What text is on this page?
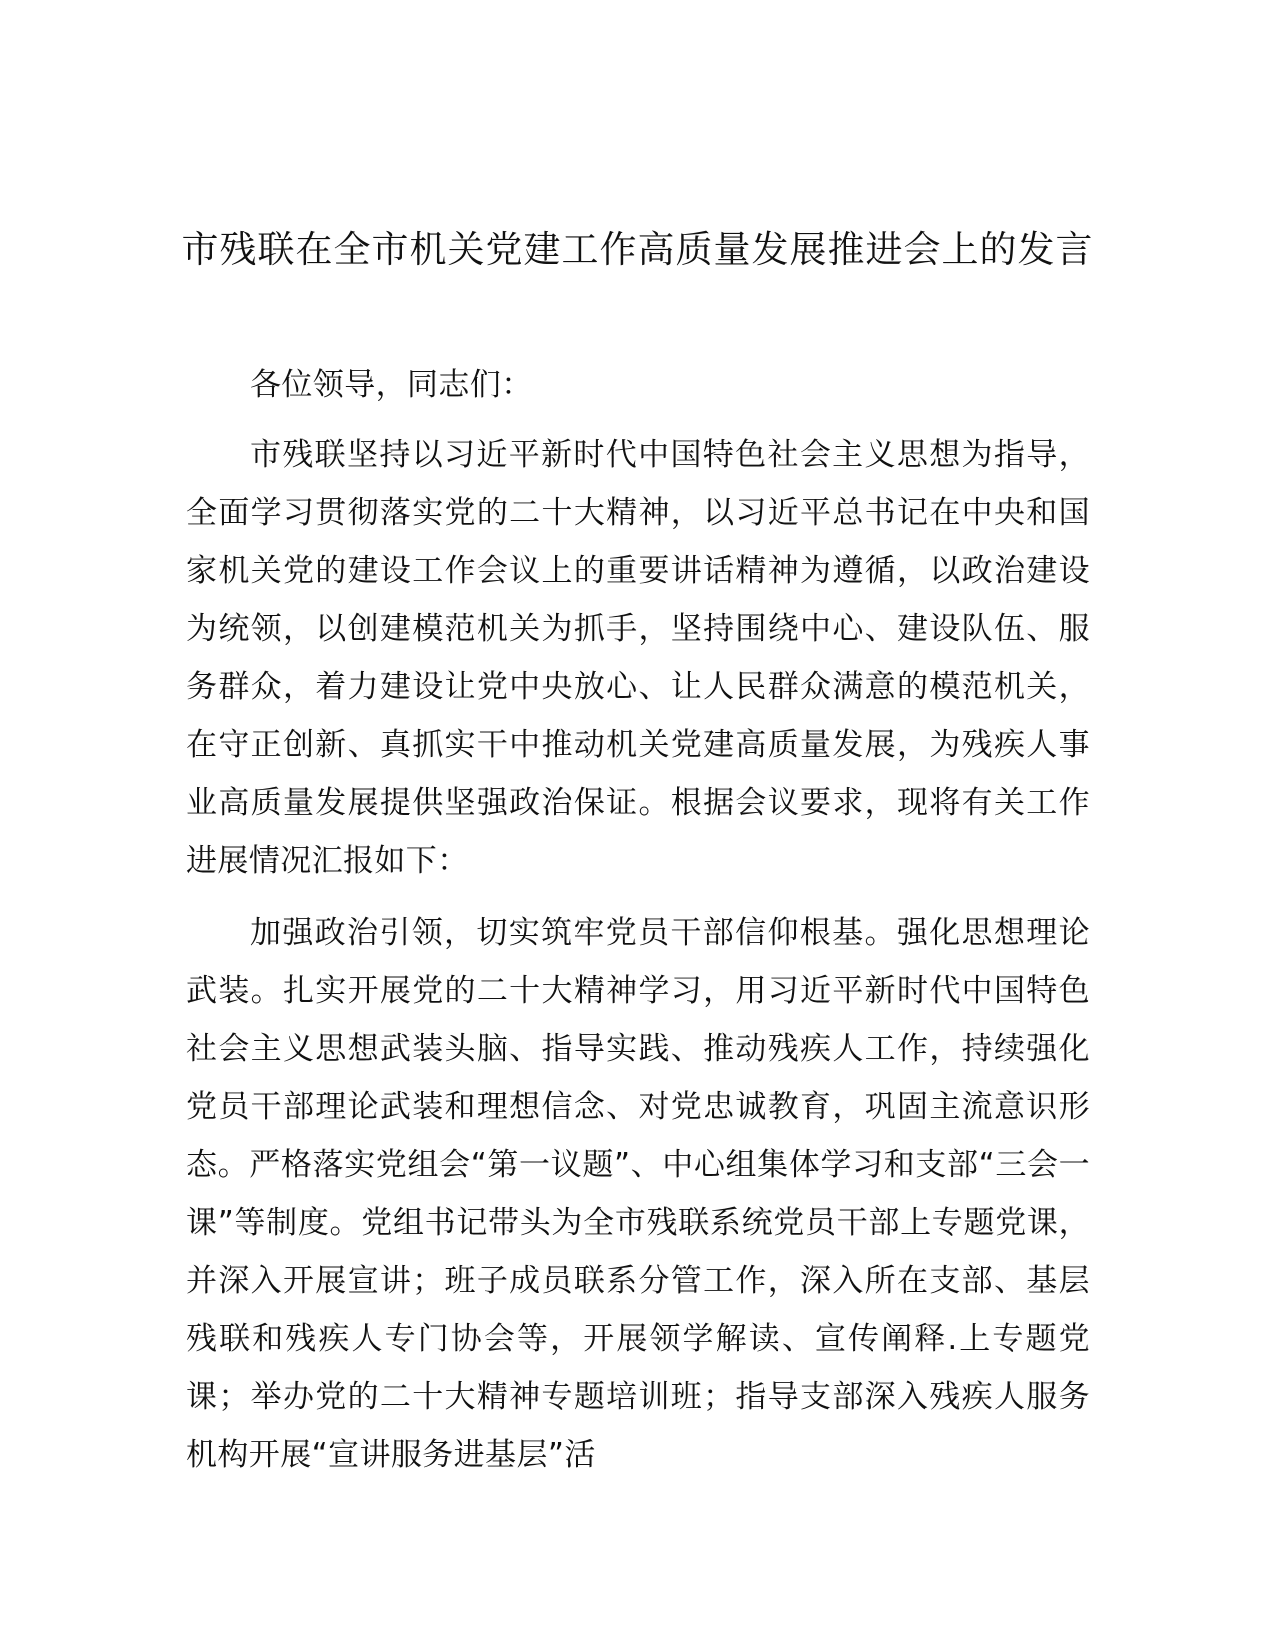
市残联在全市机关党建工作高质量发展推进会上的发言

各位领导，同志们：

市残联坚持以习近平新时代中国特色社会主义思想为指导，全面学习贯彻落实党的二十大精神，以习近平总书记在中央和国家机关党的建设工作会议上的重要讲话精神为遵循，以政治建设为统领，以创建模范机关为抓手，坚持围绕中心、建设队伍、服务群众，着力建设让党中央放心、让人民群众满意的模范机关，在守正创新、真抓实干中推动机关党建高质量发展，为残疾人事业高质量发展提供坚强政治保证。根据会议要求，现将有关工作进展情况汇报如下：

加强政治引领，切实筑牢党员干部信仰根基。强化思想理论武装。扎实开展党的二十大精神学习，用习近平新时代中国特色社会主义思想武装头脑、指导实践、推动残疾人工作，持续强化党员干部理论武装和理想信念、对党忠诚教育，巩固主流意识形态。严格落实党组会“第一议题”、中心组集体学习和支部“三会一课”等制度。党组书记带头为全市残联系统党员干部上专题党课，并深入开展宣讲；班子成员联系分管工作，深入所在支部、基层残联和残疾人专门协会等，开展领学解读、宣传阐释.上专题党课；举办党的二十大精神专题培训班；指导支部深入残疾人服务机构开展“宣讲服务进基层”活
